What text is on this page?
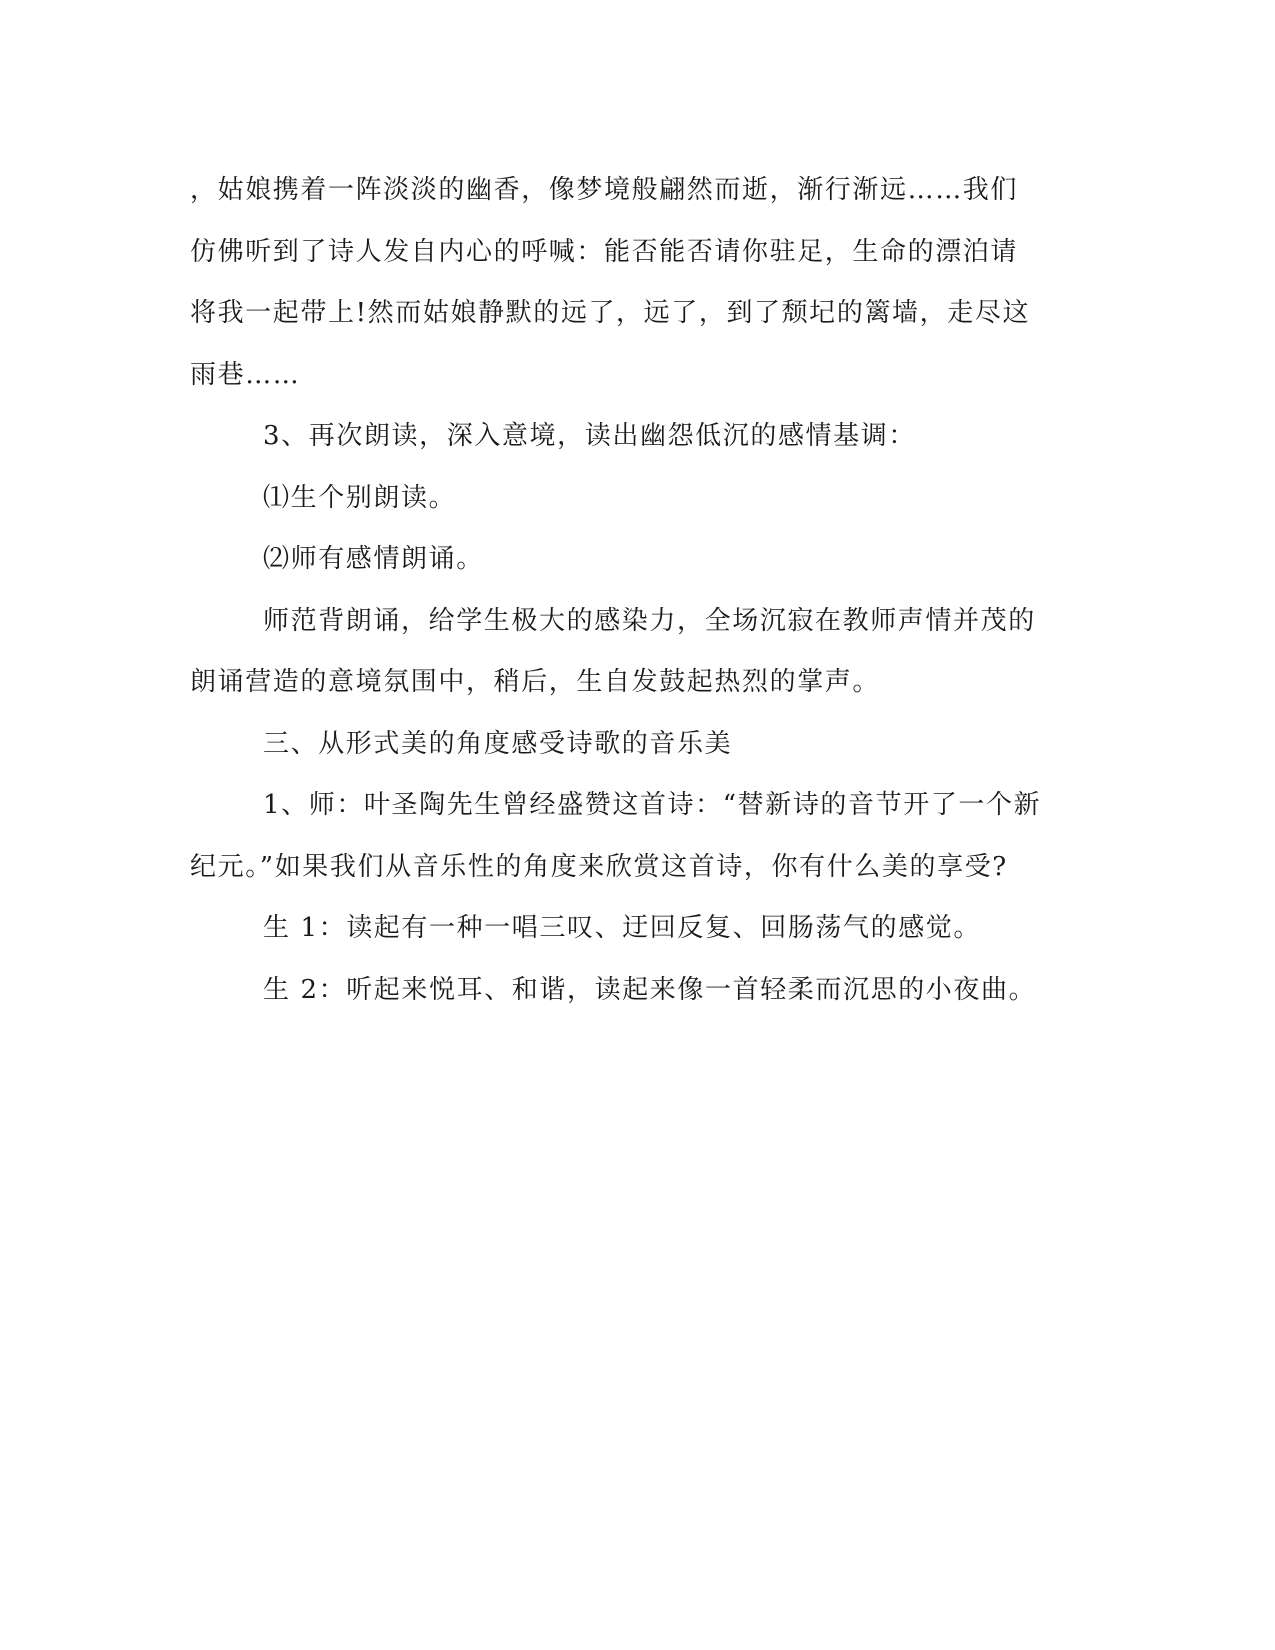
，姑娘携着一阵淡淡的幽香，像梦境般翩然而逝，渐行渐远……我们

仿佛听到了诗人发自内心的呼喊：能否能否请你驻足，生命的漂泊请

将我一起带上!然而姑娘静默的远了，远了，到了颓圮的篱墙，走尽这

雨巷……

3、再次朗读，深入意境，读出幽怨低沉的感情基调：

⑴生个别朗读。

⑵师有感情朗诵。

师范背朗诵，给学生极大的感染力，全场沉寂在教师声情并茂的

朗诵营造的意境氛围中，稍后，生自发鼓起热烈的掌声。

三、从形式美的角度感受诗歌的音乐美

1、师：叶圣陶先生曾经盛赞这首诗：“替新诗的音节开了一个新

纪元。”如果我们从音乐性的角度来欣赏这首诗，你有什么美的享受?

生 1：读起有一种一唱三叹、迂回反复、回肠荡气的感觉。

生 2：听起来悦耳、和谐，读起来像一首轻柔而沉思的小夜曲。
